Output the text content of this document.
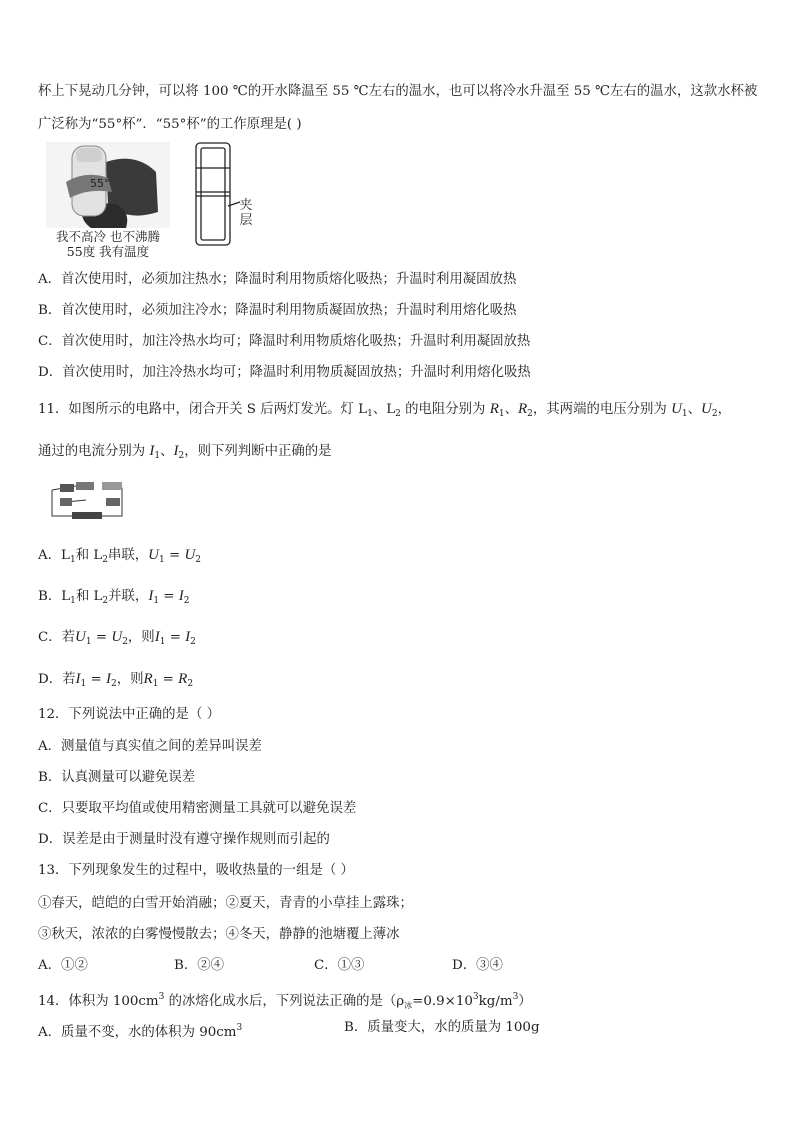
杯上下晃动几分钟，可以将 100 ℃的开水降温至 55 ℃左右的温水，也可以将冷水升温至 55 ℃左右的温水，这款水杯被
广泛称为“55°杯”．“55°杯”的工作原理是( )
55°
我不高冷 也不沸腾
55度 我有温度
夹
层
A．首次使用时，必须加注热水；降温时利用物质熔化吸热；升温时利用凝固放热
B．首次使用时，必须加注冷水；降温时利用物质凝固放热；升温时利用熔化吸热
C．首次使用时，加注冷热水均可；降温时利用物质熔化吸热；升温时利用凝固放热
D．首次使用时，加注冷热水均可；降温时利用物质凝固放热；升温时利用熔化吸热
11．如图所示的电路中，闭合开关 S 后两灯发光。灯 $L_1$、$L_2$ 的电阻分别为 $R_1$、$R_2$，其两端的电压分别为 $U_1$、$U_2$，
通过的电流分别为 $I_1$、$I_2$，则下列判断中正确的是
A．$L_1$和 $L_2$串联，$U_1 = U_2$
B．$L_1$和 $L_2$并联，$I_1 = I_2$
C．若$U_1 = U_2$，则$I_1 = I_2$
D．若$I_1 = I_2$，则$R_1 = R_2$
12．下列说法中正确的是（ ）
A．测量值与真实值之间的差异叫误差
B．认真测量可以避免误差
C．只要取平均值或使用精密测量工具就可以避免误差
D．误差是由于测量时没有遵守操作规则而引起的
13．下列现象发生的过程中，吸收热量的一组是（ ）
①春天，皑皑的白雪开始消融；②夏天，青青的小草挂上露珠；
③秋天，浓浓的白雾慢慢散去；④冬天，静静的池塘覆上薄冰
A．①②	B．②④	C．①③	D．③④
14．体积为 $100cm^3$ 的冰熔化成水后，下列说法正确的是$(\rho_冰=0.9\times 10^3kg/m^3)$
A．质量不变，水的体积为 $90cm^3$	B．质量变大，水的质量为 100g
